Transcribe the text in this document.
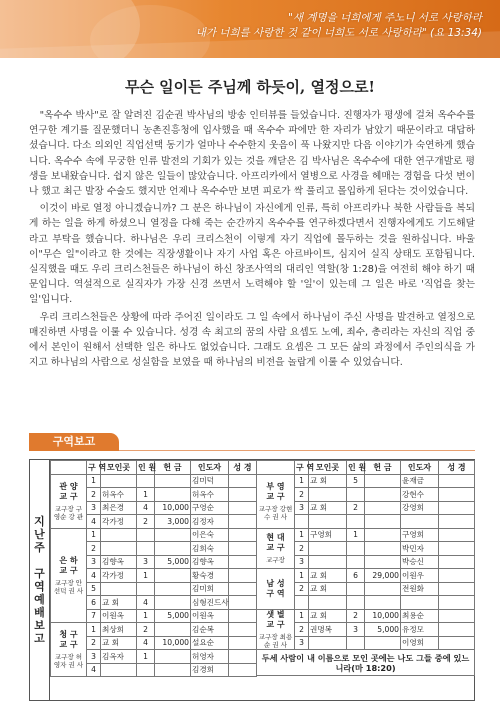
"새 계명을 너희에게 주노니 서로 사랑하라
내가 너희를 사랑한 것 같이 너희도 서로 사랑하라" (요 13:34)
무슨 일이든 주님께 하듯이, 열정으로!

"옥수수 박사"로 잘 알려진 김순권 박사님의 방송 인터뷰를 들었습니다. 진행자가 평생에 걸쳐 옥수수를 연구한 계기를 질문했더니 농촌진흥청에 입사했을 때 옥수수 파에만 한 자리가 남았기 때문이라고 대답하셨습니다. 다소 의외인 직업선택 동기가 얼마나 수수한지 웃음이 푹 나왔지만 다음 이야기가 숙연하게 했습니다. 옥수수 속에 무궁한 인류 발전의 기회가 있는 것을 깨닫은 김 박사님은 옥수수에 대한 연구개발로 평생을 보내왔습니다. 쉽지 않은 일들이 많았습니다. 아프리카에서 열병으로 사경을 헤매는 경험을 다섯 번이나 했고 최근 발장 수술도 했지만 언제나 옥수수만 보면 피로가 싹 풀리고 몰입하게 된다는 것이었습니다.

이것이 바로 열정 아니겠습니까? 그 분은 하나님이 자신에게 인류, 특히 아프리카나 북한 사람들을 복되게 하는 일을 하게 하셨으니 열정을 다해 죽는 순간까지 옥수수를 연구하겠다면서 진행자에게도 기도해달라고 부탁을 했습니다. 하나님은 우리 크리스천이 이렇게 자기 직업에 몰두하는 것을 원하십니다. 바울이"무슨 일"이라고 한 것에는 직장생활이나 자기 사업 혹은 아르바이트, 심지어 실직 상태도 포함됩니다. 실직했을 때도 우리 크리스천들은 하나님이 하신 창조사역의 대리인 역할(창 1:28)을 여전히 해야 하기 때문입니다. 역설적으로 실직자가 가장 신경 쓰면서 노력해야 할 '일'이 있는데 그 일은 바로 '직업을 찾는 일'입니다.

우리 크리스천들은 상황에 따라 주어진 일이라도 그 일 속에서 하나님이 주신 사명을 발견하고 열정으로 매진하면 사명을 이룰 수 있습니다. 성경 속 최고의 꿈의 사람 요셉도 노예, 죄수, 총리라는 자신의 직업 중에서 본인이 원해서 선택한 일은 하나도 없었습니다. 그래도 요셉은 그 모든 삶의 과정에서 주인의식을 가지고 하나님의 사람으로 성실함을 보였을 때 하나님의 비전을 놀랍게 이룰 수 있었습니다.

구역보고
지
난
주

구
역
예
배
보
고
	구 역	모인곳	인 원	헌 금	인도자	성 경

관 양
교 구
교구장 구영순 강 관	1				김미덕	
	2	허옥수	1		허옥수	
	3	최은경	4	10,000	구영순	
	4	각가정	2	3,000	김정자	

은 하
교 구
교구장 안선덕 권 사	1				이은숙	
	2				김희숙	
	3	김향옥	3	5,000	김향옥	
	4	각가정	1		황숙경	
	5				김미희	
	6	교 회	4		심형진드사	
	7	이원옥	1	5,000	이원옥	

청 구
교 구
교구장 허영자 권 사	1	최상희	2		김순복	
	2	교 회	4	10,000	설요순	
	3	김옥자	1		허영자	
	4				김경희	
	구 역	모인곳	인 원	헌 금	인도자	성 경

부 영
교 구
교구장 강현수 권 사	1	교 회	5		윤재금	
	2				강현수	
	3	교 회	2		강영희	

현 대
교 구
교구장	1	구영희	1		구영희	
	2				박민자	
	3				박승신	

남 성
구 역	1	교 회	6	29,000	이원우	
	2	교 회			전원화	

샛 별
교 구
교구장 최용순 권 사	1	교 회	2	10,000	최용순	
	2	권명복	3	5,000	유정모	
	3				이영희	
두세 사람이 내 이름으로 모인 곳에는 나도 그들 중에 있느니라(마 18:20)						
